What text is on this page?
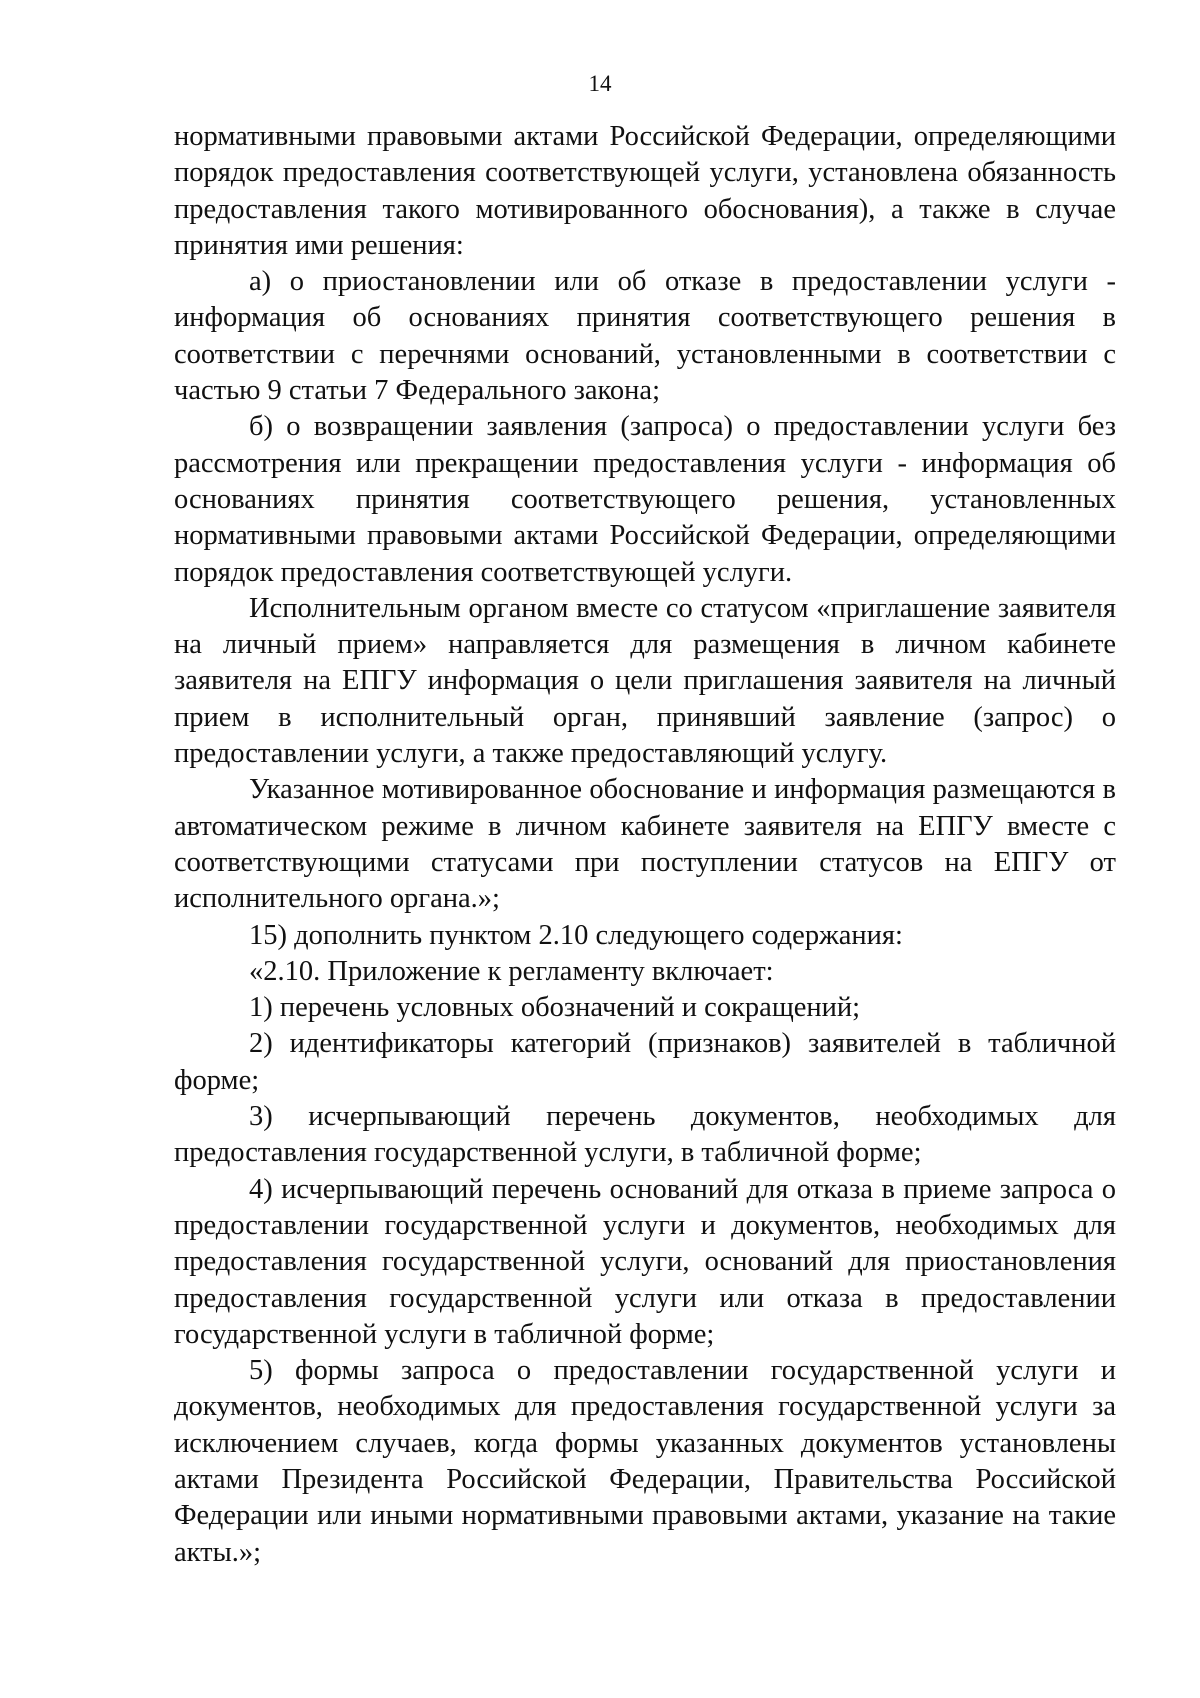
14

нормативными правовыми актами Российской Федерации, определяющими порядок предоставления соответствующей услуги, установлена обязанность предоставления такого мотивированного обоснования), а также в случае принятия ими решения:

а) о приостановлении или об отказе в предоставлении услуги - информация об основаниях принятия соответствующего решения в соответствии с перечнями оснований, установленными в соответствии с частью 9 статьи 7 Федерального закона;

б) о возвращении заявления (запроса) о предоставлении услуги без рассмотрения или прекращении предоставления услуги - информация об основаниях принятия соответствующего решения, установленных нормативными правовыми актами Российской Федерации, определяющими порядок предоставления соответствующей услуги.

Исполнительным органом вместе со статусом «приглашение заявителя на личный прием» направляется для размещения в личном кабинете заявителя на ЕПГУ информация о цели приглашения заявителя на личный прием в исполнительный орган, принявший заявление (запрос) о предоставлении услуги, а также предоставляющий услугу.

Указанное мотивированное обоснование и информация размещаются в автоматическом режиме в личном кабинете заявителя на ЕПГУ вместе с соответствующими статусами при поступлении статусов на ЕПГУ от исполнительного органа.»;

15) дополнить пунктом 2.10 следующего содержания:

«2.10. Приложение к регламенту включает:

1) перечень условных обозначений и сокращений;

2) идентификаторы категорий (признаков) заявителей в табличной форме;

3) исчерпывающий перечень документов, необходимых для предоставления государственной услуги, в табличной форме;

4) исчерпывающий перечень оснований для отказа в приеме запроса о предоставлении государственной услуги и документов, необходимых для предоставления государственной услуги, оснований для приостановления предоставления государственной услуги или отказа в предоставлении государственной услуги в табличной форме;

5) формы запроса о предоставлении государственной услуги и документов, необходимых для предоставления государственной услуги за исключением случаев, когда формы указанных документов установлены актами Президента Российской Федерации, Правительства Российской Федерации или иными нормативными правовыми актами, указание на такие акты.»;
